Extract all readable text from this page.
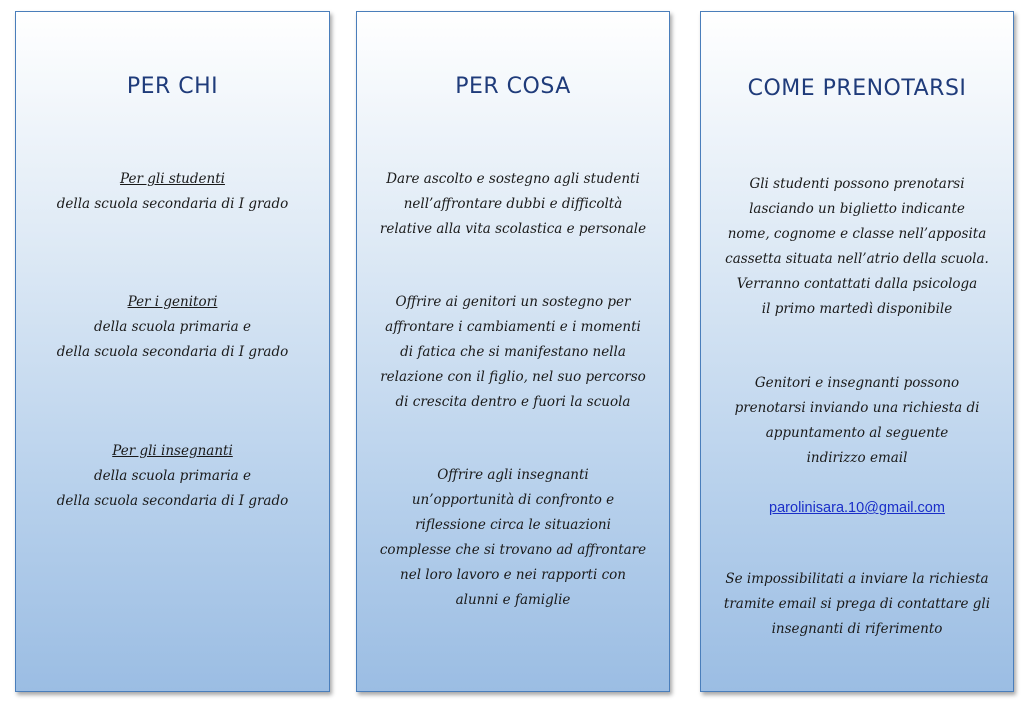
PER CHI
Per gli studenti
della scuola secondaria di I grado
Per i genitori
della scuola primaria e
della scuola secondaria di I grado
Per gli insegnanti
della scuola primaria e
della scuola secondaria di I grado
PER COSA
Dare ascolto e sostegno agli studenti
nell’affrontare dubbi e difficoltà
relative alla vita scolastica e personale
Offrire ai genitori un sostegno per
affrontare i cambiamenti e i momenti
di fatica che si manifestano nella
relazione con il figlio, nel suo percorso
di crescita dentro e fuori la scuola
Offrire agli insegnanti
un’opportunità di confronto e
riflessione circa le situazioni
complesse che si trovano ad affrontare
nel loro lavoro e nei rapporti con
alunni e famiglie
COME PRENOTARSI
Gli studenti possono prenotarsi
lasciando un biglietto indicante
nome, cognome e classe nell’apposita
cassetta situata nell’atrio della scuola.
Verranno contattati dalla psicologa
il primo martedì disponibile
Genitori e insegnanti possono
prenotarsi inviando una richiesta di
appuntamento al seguente
indirizzo email
parolinisara.10@gmail.com
Se impossibilitati a inviare la richiesta
tramite email si prega di contattare gli
insegnanti di riferimento
